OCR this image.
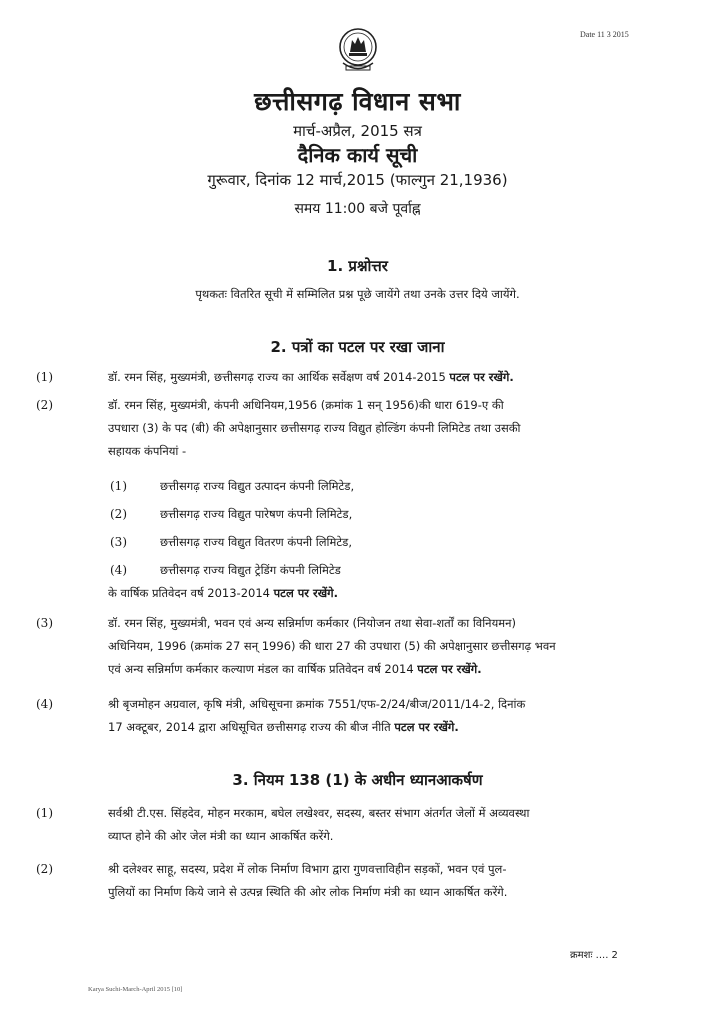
Date 11 3 2015
छत्तीसगढ़ विधान सभा
मार्च-अप्रैल, 2015 सत्र
दैनिक कार्य सूची
गुरूवार, दिनांक 12 मार्च,2015 (फाल्गुन 21,1936)
समय 11:00 बजे पूर्वाह्न
1. प्रश्नोत्तर
पृथकतः वितरित सूची में सम्मिलित प्रश्न पूछे जायेंगे तथा उनके उत्तर दिये जायेंगे.
2. पत्रों का पटल पर रखा जाना
(1)	डॉ. रमन सिंह, मुख्यमंत्री, छत्तीसगढ़ राज्य का आर्थिक सर्वेक्षण वर्ष 2014-2015 पटल पर रखेंगे.
(2)	डॉ. रमन सिंह, मुख्यमंत्री, कंपनी अधिनियम,1956 (क्रमांक 1 सन् 1956)की धारा 619-ए की
उपधारा (3) के पद (बी) की अपेक्षानुसार छत्तीसगढ़ राज्य विद्युत होल्डिंग कंपनी लिमिटेड तथा उसकी
सहायक कंपनियां -
(1)	छत्तीसगढ़ राज्य विद्युत उत्पादन कंपनी लिमिटेड,
(2)	छत्तीसगढ़ राज्य विद्युत पारेषण कंपनी लिमिटेड,
(3)	छत्तीसगढ़ राज्य विद्युत वितरण कंपनी लिमिटेड,
(4)	छत्तीसगढ़ राज्य विद्युत ट्रेडिंग कंपनी लिमिटेड
के वार्षिक प्रतिवेदन वर्ष 2013-2014 पटल पर रखेंगे.
(3)	डॉ. रमन सिंह, मुख्यमंत्री, भवन एवं अन्य सन्निर्माण कर्मकार (नियोजन तथा सेवा-शर्तों का विनियमन)
अधिनियम, 1996 (क्रमांक 27 सन् 1996) की धारा 27 की उपधारा (5) की अपेक्षानुसार छत्तीसगढ़ भवन
एवं अन्य सन्निर्माण कर्मकार कल्याण मंडल का वार्षिक प्रतिवेदन वर्ष 2014 पटल पर रखेंगे.
(4)	श्री बृजमोहन अग्रवाल, कृषि मंत्री, अधिसूचना क्रमांक 7551/एफ-2/24/बीज/2011/14-2, दिनांक
17 अक्टूबर, 2014 द्वारा अधिसूचित छत्तीसगढ़ राज्य की बीज नीति पटल पर रखेंगे.
3. नियम 138 (1) के अधीन ध्यानआकर्षण
(1)	सर्वश्री टी.एस. सिंहदेव, मोहन मरकाम, बघेल लखेश्वर, सदस्य, बस्तर संभाग अंतर्गत जेलों में अव्यवस्था
व्याप्त होने की ओर जेल मंत्री का ध्यान आकर्षित करेंगे.
(2)	श्री दलेश्वर साहू, सदस्य, प्रदेश में लोक निर्माण विभाग द्वारा गुणवत्ताविहीन सड़कों, भवन एवं पुल-
पुलियों का निर्माण किये जाने से उत्पन्न स्थिति की ओर लोक निर्माण मंत्री का ध्यान आकर्षित करेंगे.
क्रमशः .... 2
Karya Suchi-March-April 2015 [10]
